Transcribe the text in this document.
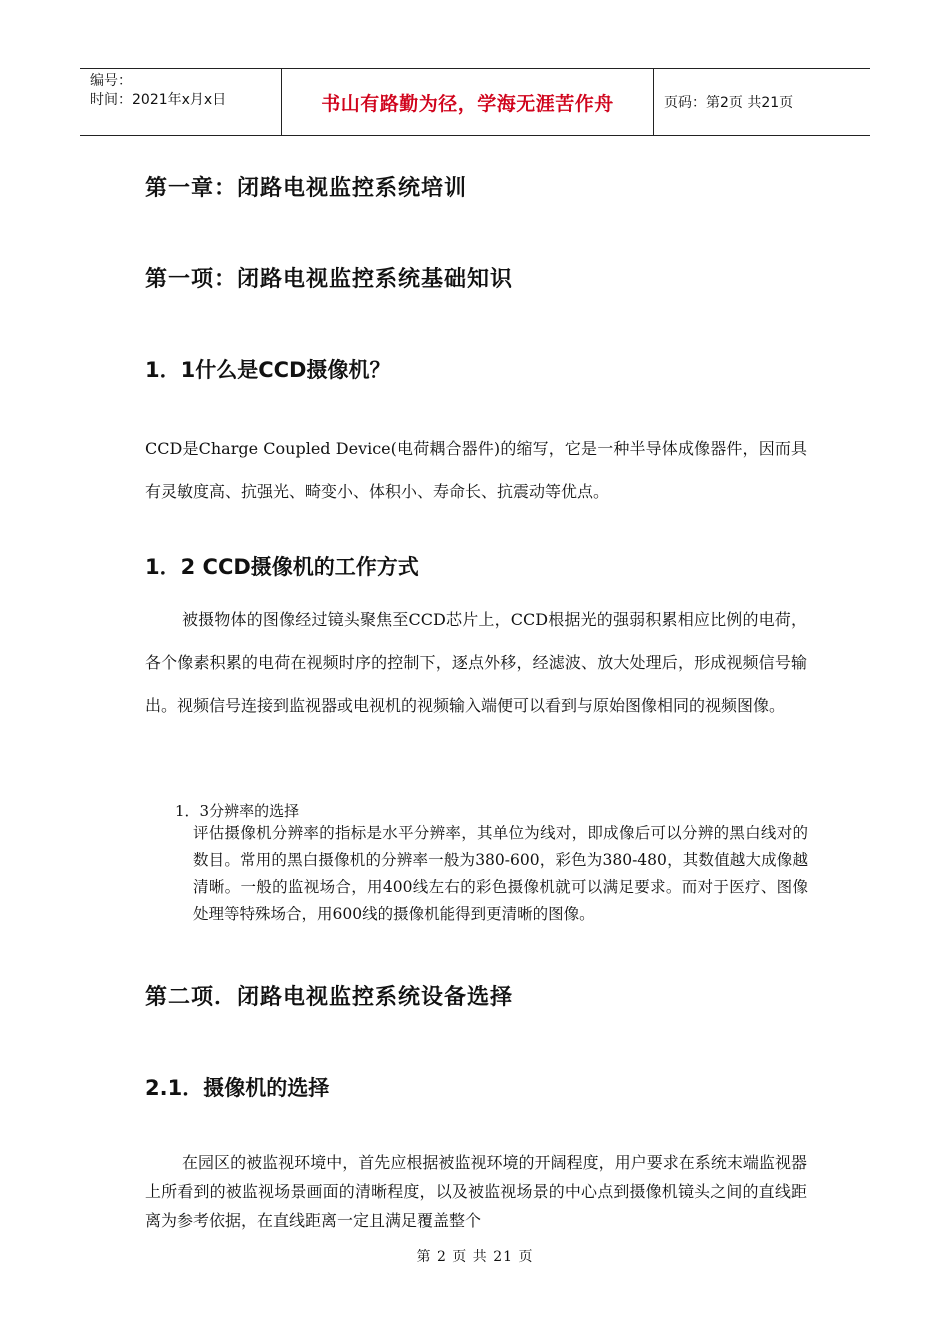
编号：
时间：2021年x月x日	书山有路勤为径，学海无涯苦作舟	页码：第2页 共21页
第一章：闭路电视监控系统培训
第一项：闭路电视监控系统基础知识
1．1什么是CCD摄像机？

CCD是Charge Coupled Device(电荷耦合器件)的缩写，它是一种半导体成像器件，因而具有灵敏度高、抗强光、畸变小、体积小、寿命长、抗震动等优点。

1．2 CCD摄像机的工作方式

被摄物体的图像经过镜头聚焦至CCD芯片上，CCD根据光的强弱积累相应比例的电荷，各个像素积累的电荷在视频时序的控制下，逐点外移，经滤波、放大处理后，形成视频信号输出。视频信号连接到监视器或电视机的视频输入端便可以看到与原始图像相同的视频图像。

1．3分辨率的选择

评估摄像机分辨率的指标是水平分辨率，其单位为线对，即成像后可以分辨的黑白线对的数目。常用的黑白摄像机的分辨率一般为380-600，彩色为380-480，其数值越大成像越 清晰。一般的监视场合，用400线左右的彩色摄像机就可以满足要求。而对于医疗、图像处理等特殊场合，用600线的摄像机能得到更清晰的图像。

第二项．闭路电视监控系统设备选择
2.1．摄像机的选择

在园区的被监视环境中，首先应根据被监视环境的开阔程度，用户要求在系统末端监视器上所看到的被监视场景画面的清晰程度，以及被监视场景的中心点到摄像机镜头之间的直线距离为参考依据，在直线距离一定且满足覆盖整个

第 2 页 共 21 页
